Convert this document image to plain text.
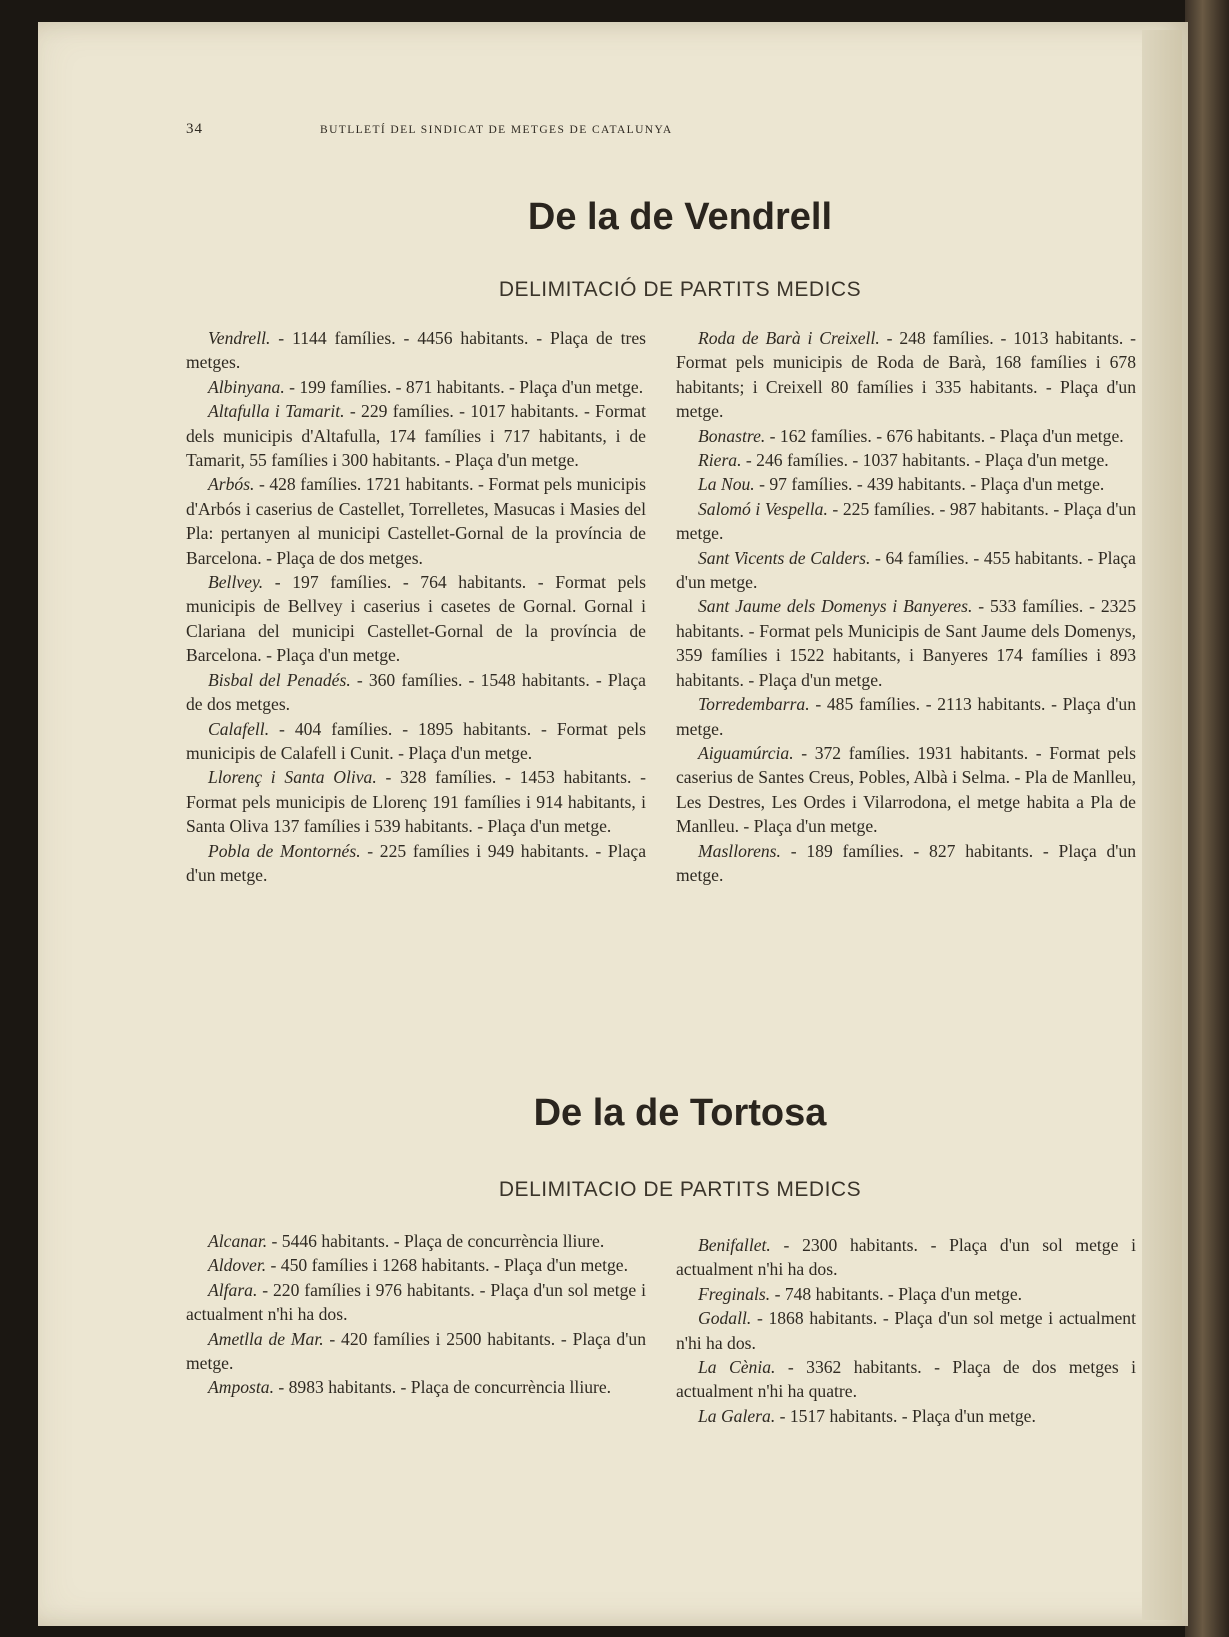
34	BUTLLETÍ DEL SINDICAT DE METGES DE CATALUNYA
De la de Vendrell
DELIMITACIÓ DE PARTITS MEDICS

Vendrell. - 1144 famílies. - 4456 habitants. - Plaça de tres metges.

Albinyana. - 199 famílies. - 871 habitants. - Plaça d'un metge.

Altafulla i Tamarit. - 229 famílies. - 1017 habitants. - Format dels municipis d'Altafulla, 174 famílies i 717 habitants, i de Tamarit, 55 famílies i 300 habitants. - Plaça d'un metge.

Arbós. - 428 famílies. 1721 habitants. - Format pels municipis d'Arbós i caserius de Castellet, Torrelletes, Masucas i Masies del Pla: pertanyen al municipi Castellet-Gornal de la província de Barcelona. - Plaça de dos metges.

Bellvey. - 197 famílies. - 764 habitants. - Format pels municipis de Bellvey i caserius i casetes de Gornal. Gornal i Clariana del municipi Castellet-Gornal de la província de Barcelona. - Plaça d'un metge.

Bisbal del Penadés. - 360 famílies. - 1548 habitants. - Plaça de dos metges.

Calafell. - 404 famílies. - 1895 habitants. - Format pels municipis de Calafell i Cunit. - Plaça d'un metge.

Llorenç i Santa Oliva. - 328 famílies. - 1453 habitants. - Format pels municipis de Llorenç 191 famílies i 914 habitants, i Santa Oliva 137 famílies i 539 habitants. - Plaça d'un metge.

Pobla de Montornés. - 225 famílies i 949 habitants. - Plaça d'un metge.

Roda de Barà i Creixell. - 248 famílies. - 1013 habitants. - Format pels municipis de Roda de Barà, 168 famílies i 678 habitants; i Creixell 80 famílies i 335 habitants. - Plaça d'un metge.

Bonastre. - 162 famílies. - 676 habitants. - Plaça d'un metge.

Riera. - 246 famílies. - 1037 habitants. - Plaça d'un metge.

La Nou. - 97 famílies. - 439 habitants. - Plaça d'un metge.

Salomó i Vespella. - 225 famílies. - 987 habitants. - Plaça d'un metge.

Sant Vicents de Calders. - 64 famílies. - 455 habitants. - Plaça d'un metge.

Sant Jaume dels Domenys i Banyeres. - 533 famílies. - 2325 habitants. - Format pels Municipis de Sant Jaume dels Domenys, 359 famílies i 1522 habitants, i Banyeres 174 famílies i 893 habitants. - Plaça d'un metge.

Torredembarra. - 485 famílies. - 2113 habitants. - Plaça d'un metge.

Aiguamúrcia. - 372 famílies. 1931 habitants. - Format pels caserius de Santes Creus, Pobles, Albà i Selma. - Pla de Manlleu, Les Destres, Les Ordes i Vilarrodona, el metge habita a Pla de Manlleu. - Plaça d'un metge.

Masllorens. - 189 famílies. - 827 habitants. - Plaça d'un metge.

De la de Tortosa
DELIMITACIO DE PARTITS MEDICS

Alcanar. - 5446 habitants. - Plaça de concurrència lliure.

Aldover. - 450 famílies i 1268 habitants. - Plaça d'un metge.

Alfara. - 220 famílies i 976 habitants. - Plaça d'un sol metge i actualment n'hi ha dos.

Ametlla de Mar. - 420 famílies i 2500 habitants. - Plaça d'un metge.

Amposta. - 8983 habitants. - Plaça de concurrència lliure.

Benifallet. - 2300 habitants. - Plaça d'un sol metge i actualment n'hi ha dos.

Freginals. - 748 habitants. - Plaça d'un metge.

Godall. - 1868 habitants. - Plaça d'un sol metge i actualment n'hi ha dos.

La Cènia. - 3362 habitants. - Plaça de dos metges i actualment n'hi ha quatre.

La Galera. - 1517 habitants. - Plaça d'un metge.
